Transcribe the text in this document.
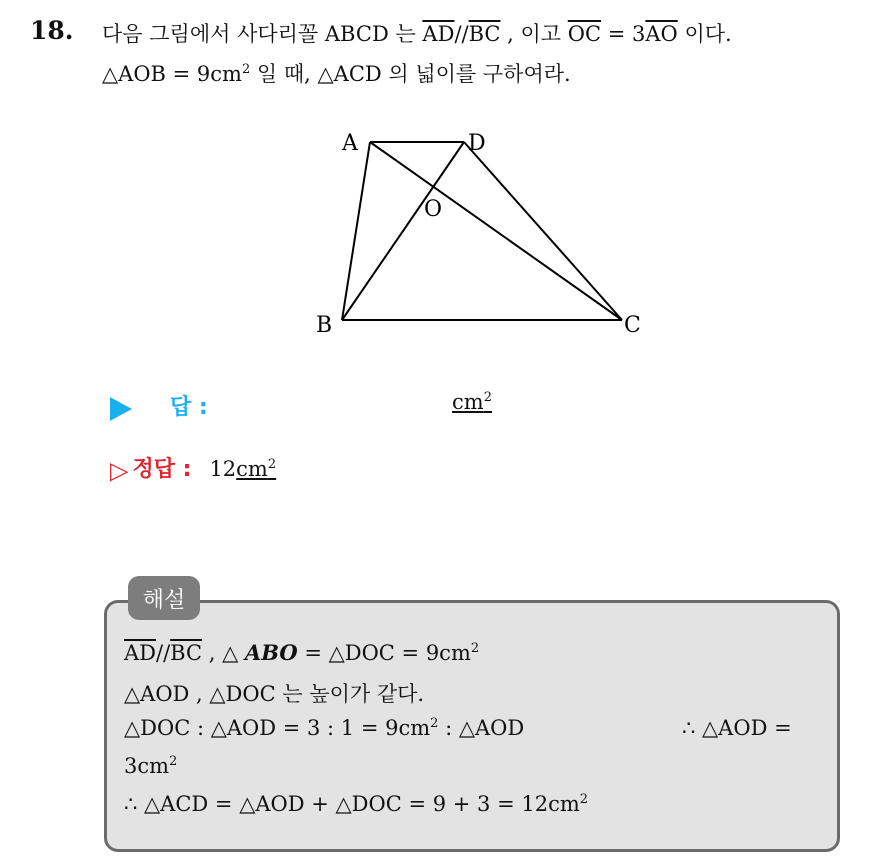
18. 다음 그림에서 사다리꼴 ABCD 는 $\overline{AD}//\overline{BC}$ , 이고 $\overline{OC} = 3\overline{AO}$ 이다.
△AOB = $9cm^2$ 일 때, △ACD 의 넓이를 구하여라.
A	D
O
B	C
답 :	$cm^2$
▷ 정답 : $12cm^2$
해설
$\overline{AD}//\overline{BC}$ , △ ABO = △DOC = $9cm^2$
△AOD , △DOC 는 높이가 같다.
△DOC : △AOD = 3 : $1 = 9cm^2$ : △AOD	∴ △AOD =
$3cm^2$
∴ △ACD = △AOD + △DOC = $9 + 3 = 12cm^2$
